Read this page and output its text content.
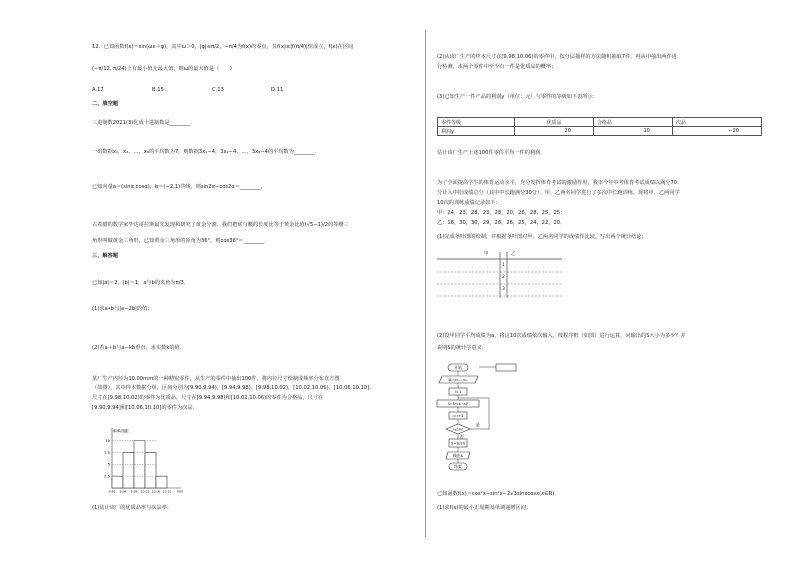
12．已知函数f(x)＝sin(ωx＋φ)，其中ω＞0，|φ|≤π/2，−π/4为f(x)的零点，且f(x)≤|f(π/4)|恒成立，f(x)在区间
(−π/12, π/24)上有最小值无最大值，则ω的最大值是（　　）
A.17	B.15	C.13	D.11
二、填空题
三进制数2021(3)化成十进制数是________．
一组数据x₁，x₂，…，x₆的平均数为7，则数据3x₁−4，3x₂−4，…，3x₆−4的平均数为________．
已知向量a＝(sinα,cosα)，b＝(−2,1)共线，则sin2α−cos2α＝________．
古希腊的数学家毕达哥拉斯最先发现和研究了黄金分割．我们把底与腰的长度比等于黄金比值(√5−1)/2的等腰三
角形叫做黄金三角形，已知黄金三角形的顶角为36°，则cos36°＝________．
三、解答题
已知|a|＝2，|b|＝1，a与b的夹角为π/3．
(1)求a•b与|a−2b|的值；
(2)若a＋b与a−kb垂直，求实数k的值．
某厂生产内径为10.00mm的一种精密零件，从生产的零件中抽出100件，将内径尺寸绘制成频率分布直方图
（如图），其中样本数据分组，区间分别为[9.90,9.94)，[9.94,9.98)，[9.98,10.02)，[10.02,10.06)，[10.06,10.10]．
尺寸在[9.98,10.02)的零件为优质品，尺寸在[9.94,9.98)和[10.02,10.06)的零件为合格品，尺寸在
[9.90,9.94]和[10.06,10.10]的零件为次品．
2.5
5
7.5
10
9.90 9.94 9.98 10.02 10.06 10.10 mm
频率/组距
(1)估计该厂的优质品率与次品率；
(2)从该厂生产的样本尺寸在[9.98,10.06)的零件中，按分层抽样的方法随机抽取7件，再从中抽出两件进
行检测，求两个零件中至少有一件是优质品的概率；
(3)已知生产一件产品的利润y（单位：元）与零件的等级如下表所示：
零件等级	优质品	合格品	次品
利润y	20	10	−20
估计该厂生产上述100件零件平均一件的利润．
为了全面提高学生的体育运动水平，充分发挥体育考试的激励作用，我市今年中考体育考试成绩以满分70
分计入中招成绩总分（其中中长跑满分30分）．甲、乙两名同学进行了多次中长跑训练，现将甲、乙两同学
10次的训练成绩记录如下：
甲：24，23，28，23，28，20，26，28，25，25；
乙：16，30，30，29，28，26，25，24，22，20．
(1)完成茎叶图的绘制，并根据茎叶图对甲、乙两名同学的成绩作比较，写出两个统计结论；
甲	乙
1
2
3
(2)设甲同学平均成绩为a，将这10次成绩依次输入，按程序框（如图）进行运算，问输出的S大小为多少？并
说明S的统计学意义．
开始
输入x₁,...,x₁₀
i=1
S=S+(xᵢ−a)²
i=i+1
i≤10?
S=S/10
输出S
结束
是
否
已知函数f(x)＝cos²x−sin²x−2√3sinxcosx(x∈R)．
(1)求f(x)的最小正周期及单调递增区间；
